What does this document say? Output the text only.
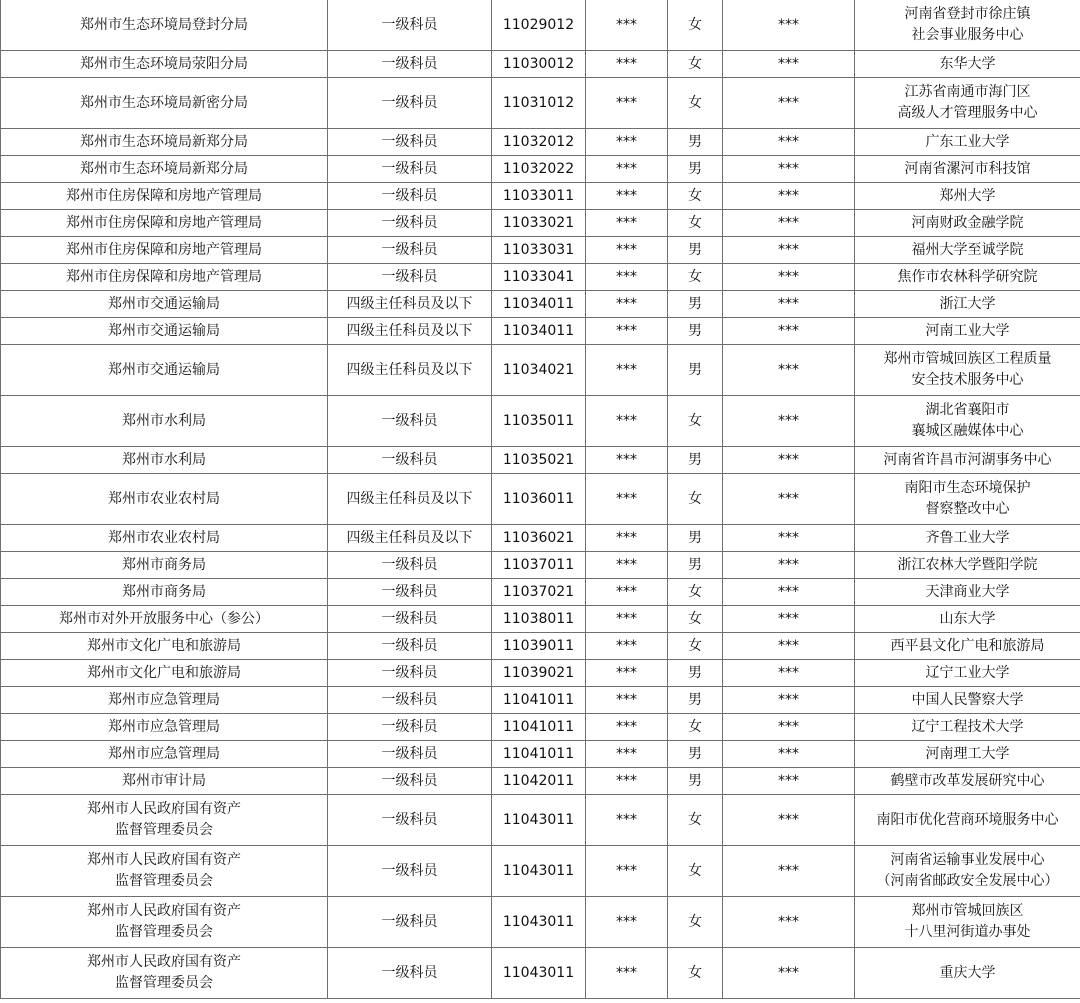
郑州市生态环境局登封分局	一级科员	11029012	***	女	***	河南省登封市徐庄镇
社会事业服务中心
郑州市生态环境局荥阳分局	一级科员	11030012	***	女	***	东华大学
郑州市生态环境局新密分局	一级科员	11031012	***	女	***	江苏省南通市海门区
高级人才管理服务中心
郑州市生态环境局新郑分局	一级科员	11032012	***	男	***	广东工业大学
郑州市生态环境局新郑分局	一级科员	11032022	***	男	***	河南省漯河市科技馆
郑州市住房保障和房地产管理局	一级科员	11033011	***	女	***	郑州大学
郑州市住房保障和房地产管理局	一级科员	11033021	***	女	***	河南财政金融学院
郑州市住房保障和房地产管理局	一级科员	11033031	***	男	***	福州大学至诚学院
郑州市住房保障和房地产管理局	一级科员	11033041	***	女	***	焦作市农林科学研究院
郑州市交通运输局	四级主任科员及以下	11034011	***	男	***	浙江大学
郑州市交通运输局	四级主任科员及以下	11034011	***	男	***	河南工业大学
郑州市交通运输局	四级主任科员及以下	11034021	***	男	***	郑州市管城回族区工程质量
安全技术服务中心
郑州市水利局	一级科员	11035011	***	女	***	湖北省襄阳市
襄城区融媒体中心
郑州市水利局	一级科员	11035021	***	男	***	河南省许昌市河湖事务中心
郑州市农业农村局	四级主任科员及以下	11036011	***	女	***	南阳市生态环境保护
督察整改中心
郑州市农业农村局	四级主任科员及以下	11036021	***	男	***	齐鲁工业大学
郑州市商务局	一级科员	11037011	***	男	***	浙江农林大学暨阳学院
郑州市商务局	一级科员	11037021	***	女	***	天津商业大学
郑州市对外开放服务中心（参公）	一级科员	11038011	***	女	***	山东大学
郑州市文化广电和旅游局	一级科员	11039011	***	女	***	西平县文化广电和旅游局
郑州市文化广电和旅游局	一级科员	11039021	***	男	***	辽宁工业大学
郑州市应急管理局	一级科员	11041011	***	男	***	中国人民警察大学
郑州市应急管理局	一级科员	11041011	***	女	***	辽宁工程技术大学
郑州市应急管理局	一级科员	11041011	***	男	***	河南理工大学
郑州市审计局	一级科员	11042011	***	男	***	鹤壁市改革发展研究中心
郑州市人民政府国有资产
监督管理委员会	一级科员	11043011	***	女	***	南阳市优化营商环境服务中心
郑州市人民政府国有资产
监督管理委员会	一级科员	11043011	***	女	***	河南省运输事业发展中心
（河南省邮政安全发展中心）
郑州市人民政府国有资产
监督管理委员会	一级科员	11043011	***	女	***	郑州市管城回族区
十八里河街道办事处
郑州市人民政府国有资产
监督管理委员会	一级科员	11043011	***	女	***	重庆大学
